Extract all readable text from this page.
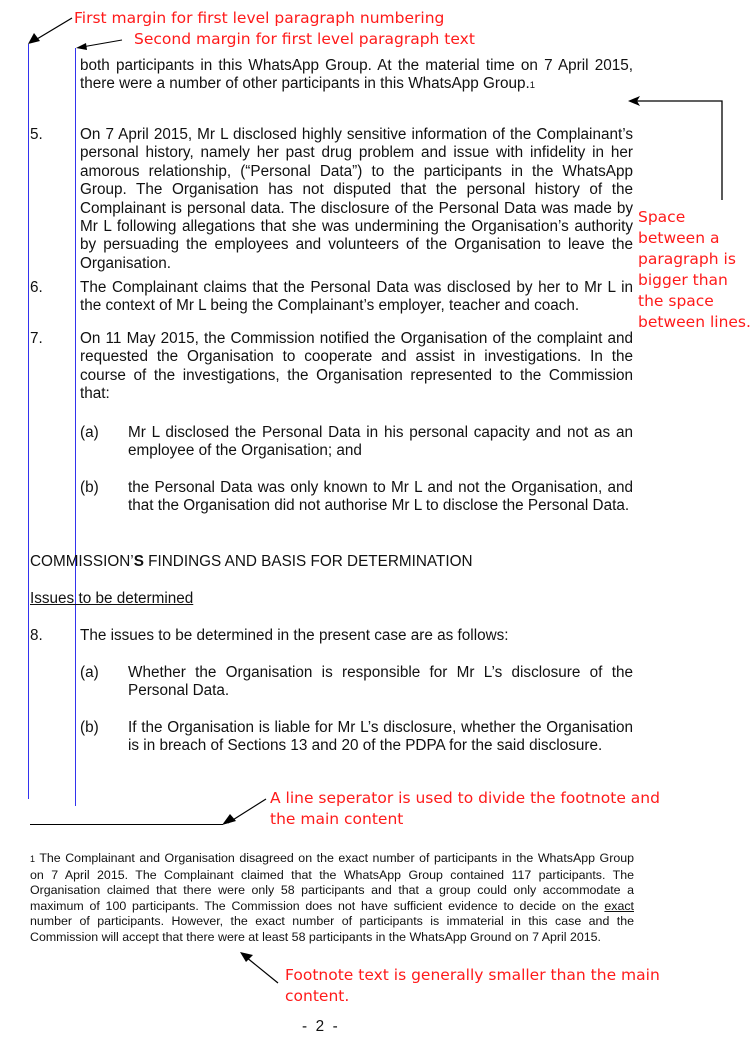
First margin for first level paragraph numbering
Second margin for first level paragraph text
both participants in this WhatsApp Group. At the material time on 7 April 2015, there were a number of other participants in this WhatsApp Group.1
5. On 7 April 2015, Mr L disclosed highly sensitive information of the Complainant’s personal history, namely her past drug problem and issue with infidelity in her amorous relationship, (“Personal Data”) to the participants in the WhatsApp Group. The Organisation has not disputed that the personal history of the Complainant is personal data. The disclosure of the Personal Data was made by Mr L following allegations that she was undermining the Organisation’s authority by persuading the employees and volunteers of the Organisation to leave the Organisation.
Space between a paragraph is bigger than the space between lines.
6. The Complainant claims that the Personal Data was disclosed by her to Mr L in the context of Mr L being the Complainant’s employer, teacher and coach.
7. On 11 May 2015, the Commission notified the Organisation of the complaint and requested the Organisation to cooperate and assist in investigations. In the course of the investigations, the Organisation represented to the Commission that:
(a) Mr L disclosed the Personal Data in his personal capacity and not as an employee of the Organisation; and
(b) the Personal Data was only known to Mr L and not the Organisation, and that the Organisation did not authorise Mr L to disclose the Personal Data.
COMMISSION’S FINDINGS AND BASIS FOR DETERMINATION
Issues to be determined
8. The issues to be determined in the present case are as follows:
(a) Whether the Organisation is responsible for Mr L’s disclosure of the Personal Data.
(b) If the Organisation is liable for Mr L’s disclosure, whether the Organisation is in breach of Sections 13 and 20 of the PDPA for the said disclosure.
A line seperator is used to divide the footnote and
the main content
1 The Complainant and Organisation disagreed on the exact number of participants in the WhatsApp Group on 7 April 2015. The Complainant claimed that the WhatsApp Group contained 117 participants. The Organisation claimed that there were only 58 participants and that a group could only accommodate a maximum of 100 participants. The Commission does not have sufficient evidence to decide on the exact number of participants. However, the exact number of participants is immaterial in this case and the Commission will accept that there were at least 58 participants in the WhatsApp Ground on 7 April 2015.
Footnote text is generally smaller than the main
content.
-  2  -
